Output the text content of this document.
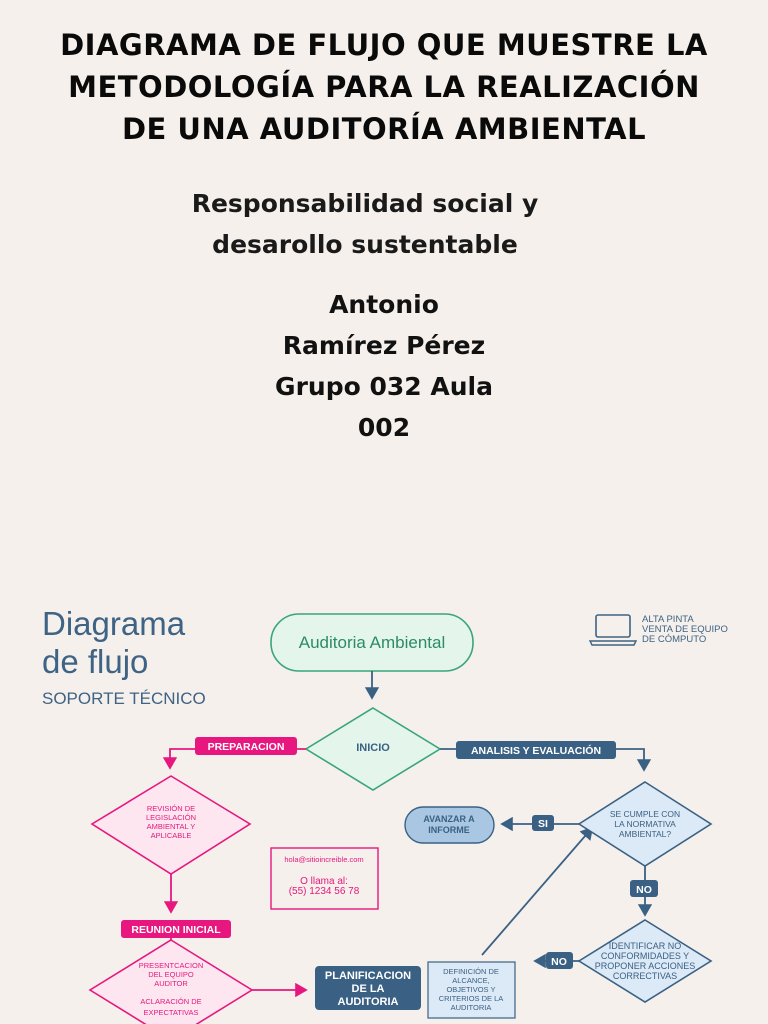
DIAGRAMA DE FLUJO QUE MUESTRE LA
METODOLOGÍA PARA LA REALIZACIÓN
DE UNA AUDITORÍA AMBIENTAL
Responsabilidad social y
desarollo sustentable
Antonio
Ramírez Pérez
Grupo 032 Aula
002
Diagrama
de flujo
SOPORTE TÉCNICO
ALTA PINTA
VENTA DE EQUIPO
DE CÓMPUTO
Auditoria Ambiental
INICIO
PREPARACION	ANALISIS Y EVALUACIÓN
REVISIÓN DE
LEGISLACIÓN
AMBIENTAL Y
APLICABLE
hola@sitioincreible.com
O llama al:
(55) 1234 56 78
REUNION INICIAL
PRESENTCACION
DEL EQUIPO
AUDITOR
ACLARACIÓN DE
EXPECTATIVAS
PLANIFICACION
DE LA
AUDITORIA
DEFINICIÓN DE
ALCANCE,
OBJETIVOS Y
CRITERIOS DE LA
AUDITORIA
SE CUMPLE CON
LA NORMATIVA
AMBIENTAL?
SI
AVANZAR A
INFORME
NO
IDENTIFICAR NO
CONFORMIDADES Y
PROPONER ACCIONES
CORRECTIVAS
NO
